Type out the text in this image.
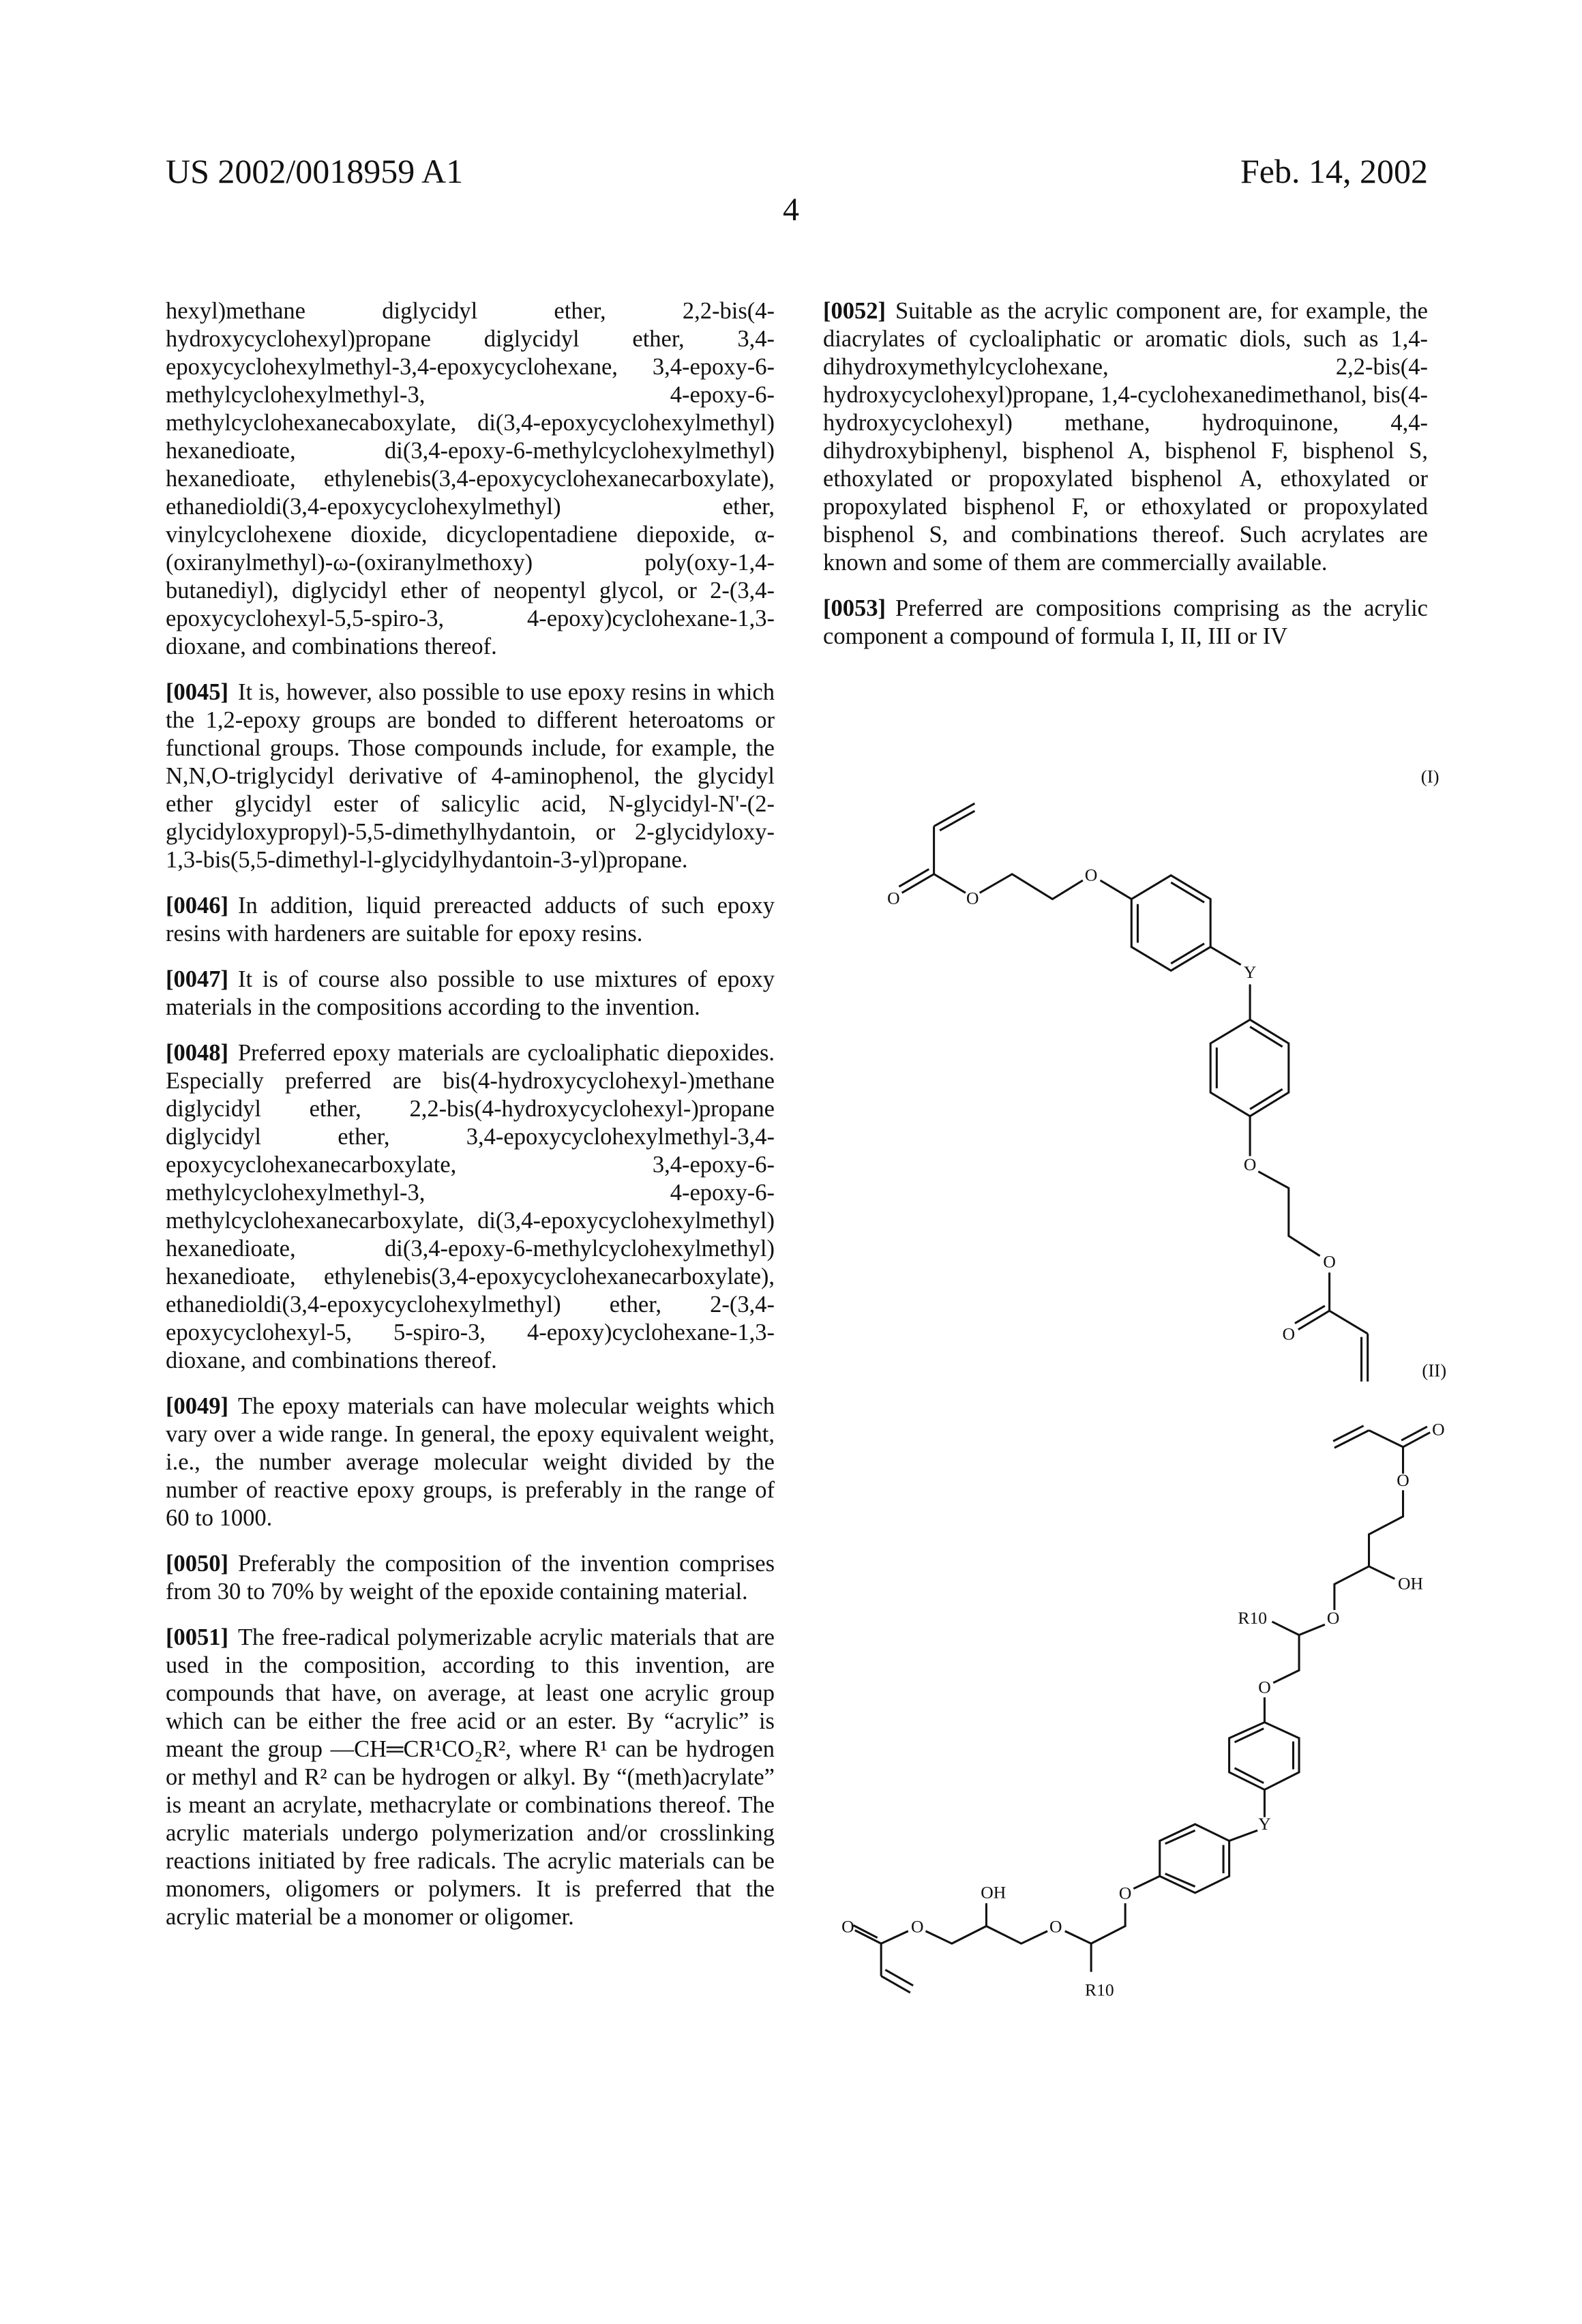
US 2002/0018959 A1	Feb. 14, 2002
4

hexyl)methane diglycidyl ether, 2,2-bis(4-hydroxycyclohexyl)propane diglycidyl ether, 3,4-epoxycyclohexylmethyl-3,4-epoxycyclohexane, 3,4-epoxy-6-methylcyclohexylmethyl-3, 4-epoxy-6-methylcyclohexanecaboxylate, di(3,4-epoxycyclohexylmethyl) hexanedioate, di(3,4-epoxy-6-methylcyclohexylmethyl) hexanedioate, ethylenebis(3,4-epoxycyclohexanecarboxylate), ethanedioldi(3,4-epoxycyclohexylmethyl) ether, vinylcyclohexene dioxide, dicyclopentadiene diepoxide, α-(oxiranylmethyl)-ω-(oxiranylmethoxy) poly(oxy-1,4-butanediyl), diglycidyl ether of neopentyl glycol, or 2-(3,4-epoxycyclohexyl-5,5-spiro-3, 4-epoxy)cyclohexane-1,3-dioxane, and combinations thereof.

[0045] It is, however, also possible to use epoxy resins in which the 1,2-epoxy groups are bonded to different heteroatoms or functional groups. Those compounds include, for example, the N,N,O-triglycidyl derivative of 4-aminophenol, the glycidyl ether glycidyl ester of salicylic acid, N-glycidyl-N'-(2-glycidyloxypropyl)-5,5-dimethylhydantoin, or 2-glycidyloxy-1,3-bis(5,5-dimethyl-l-glycidylhydantoin-3-yl)propane.

[0046] In addition, liquid prereacted adducts of such epoxy resins with hardeners are suitable for epoxy resins.

[0047] It is of course also possible to use mixtures of epoxy materials in the compositions according to the invention.

[0048] Preferred epoxy materials are cycloaliphatic diepoxides. Especially preferred are bis(4-hydroxycyclohexyl-)methane diglycidyl ether, 2,2-bis(4-hydroxycyclohexyl-)propane diglycidyl ether, 3,4-epoxycyclohexylmethyl-3,4-epoxycyclohexanecarboxylate, 3,4-epoxy-6-methylcyclohexylmethyl-3, 4-epoxy-6-methylcyclohexanecarboxylate, di(3,4-epoxycyclohexylmethyl) hexanedioate, di(3,4-epoxy-6-methylcyclohexylmethyl) hexanedioate, ethylenebis(3,4-epoxycyclohexanecarboxylate), ethanedioldi(3,4-epoxycyclohexylmethyl) ether, 2-(3,4-epoxycyclohexyl-5, 5-spiro-3, 4-epoxy)cyclohexane-1,3-dioxane, and combinations thereof.

[0049] The epoxy materials can have molecular weights which vary over a wide range. In general, the epoxy equivalent weight, i.e., the number average molecular weight divided by the number of reactive epoxy groups, is preferably in the range of 60 to 1000.

[0050] Preferably the composition of the invention comprises from 30 to 70% by weight of the epoxide containing material.

[0051] The free-radical polymerizable acrylic materials that are used in the composition, according to this invention, are compounds that have, on average, at least one acrylic group which can be either the free acid or an ester. By “acrylic” is meant the group —CH═CR¹CO₂R², where R¹ can be hydrogen or methyl and R² can be hydrogen or alkyl. By “(meth)acrylate” is meant an acrylate, methacrylate or combinations thereof. The acrylic materials undergo polymerization and/or crosslinking reactions initiated by free radicals. The acrylic materials can be monomers, oligomers or polymers. It is preferred that the acrylic material be a monomer or oligomer.

[0052] Suitable as the acrylic component are, for example, the diacrylates of cycloaliphatic or aromatic diols, such as 1,4-dihydroxymethylcyclohexane, 2,2-bis(4-hydroxycyclohexyl)propane, 1,4-cyclohexanedimethanol, bis(4-hydroxycyclohexyl) methane, hydroquinone, 4,4-dihydroxybiphenyl, bisphenol A, bisphenol F, bisphenol S, ethoxylated or propoxylated bisphenol A, ethoxylated or propoxylated bisphenol F, or ethoxylated or propoxylated bisphenol S, and combinations thereof. Such acrylates are known and some of them are commercially available.

[0053] Preferred are compositions comprising as the acrylic component a compound of formula I, II, III or IV

(I)
O O
O
Y
O
O
O
(II)
O
O
OH
O
R10
O
Y
O
R10
O
OH
O
O
